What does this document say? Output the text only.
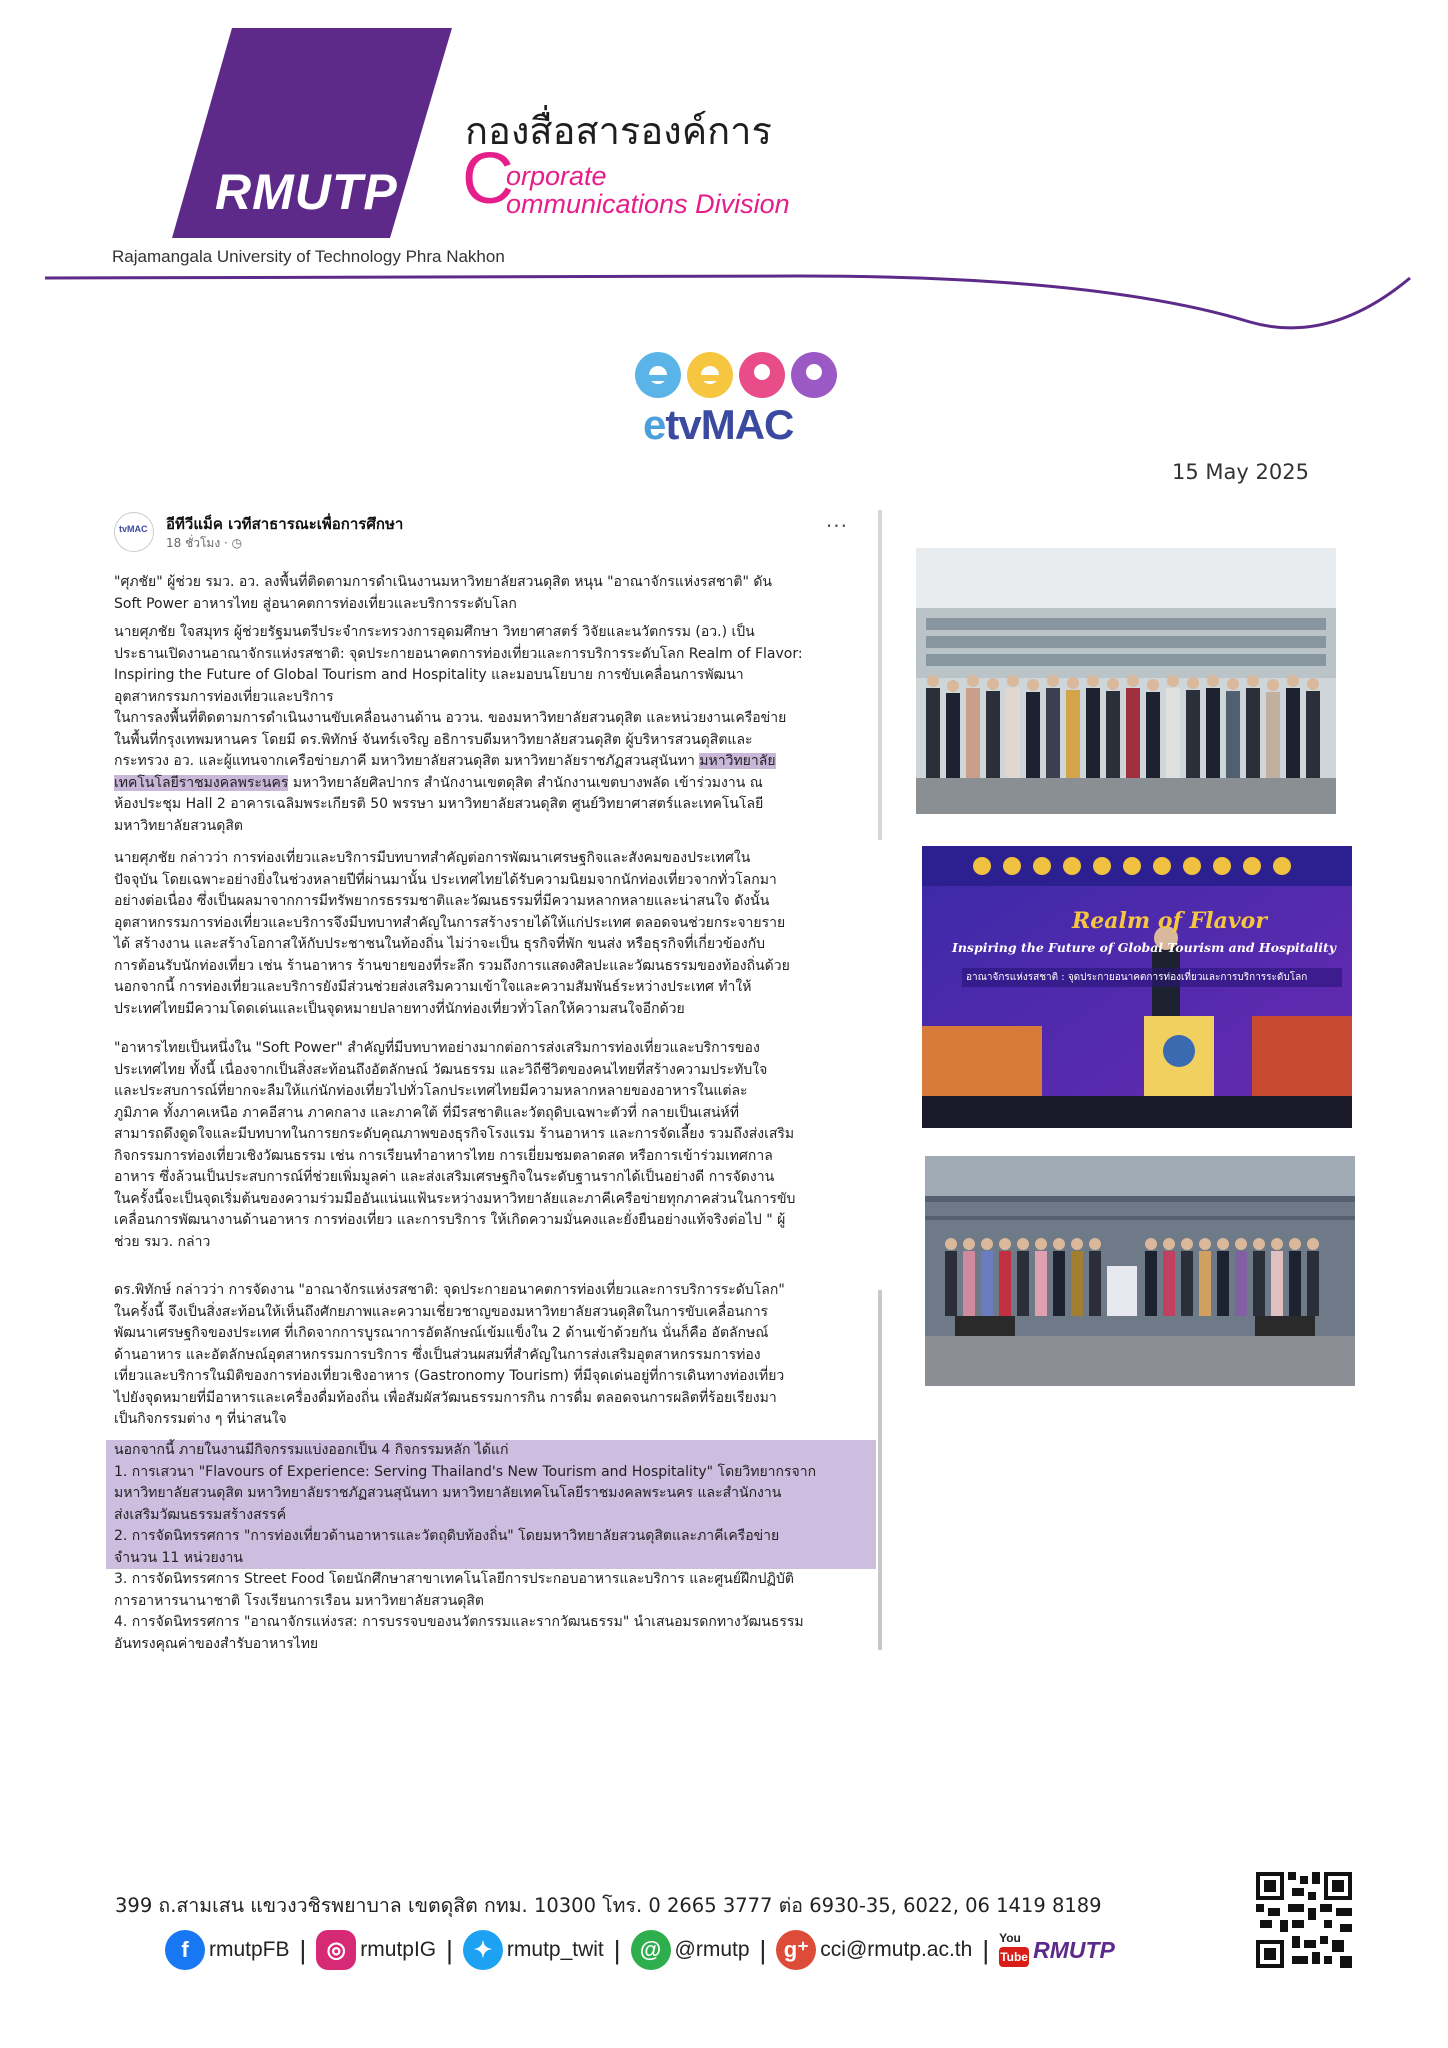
RMUTP
กองสื่อสารองค์การ
C
orporate
ommunications Division
Rajamangala University of Technology Phra Nakhon
etvMAC
15 May 2025
tvMAC อีทีวีแม็ค เวทีสาธารณะเพื่อการศึกษา
18 ชั่วโมง · ◷
···
"ศุภชัย" ผู้ช่วย รมว. อว. ลงพื้นที่ติดตามการดำเนินงานมหาวิทยาลัยสวนดุสิต หนุน "อาณาจักรแห่งรสชาติ" ดัน
Soft Power อาหารไทย สู่อนาคตการท่องเที่ยวและบริการระดับโลก
นายศุภชัย ใจสมุทร ผู้ช่วยรัฐมนตรีประจำกระทรวงการอุดมศึกษา วิทยาศาสตร์ วิจัยและนวัตกรรม (อว.) เป็น
ประธานเปิดงานอาณาจักรแห่งรสชาติ: จุดประกายอนาคตการท่องเที่ยวและการบริการระดับโลก Realm of Flavor:
Inspiring the Future of Global Tourism and Hospitality และมอบนโยบาย การขับเคลื่อนการพัฒนา
อุตสาหกรรมการท่องเที่ยวและบริการ
ในการลงพื้นที่ติดตามการดำเนินงานขับเคลื่อนงานด้าน อววน. ของมหาวิทยาลัยสวนดุสิต และหน่วยงานเครือข่าย
ในพื้นที่กรุงเทพมหานคร โดยมี ดร.พิทักษ์ จันทร์เจริญ อธิการบดีมหาวิทยาลัยสวนดุสิต ผู้บริหารสวนดุสิตและ
กระทรวง อว. และผู้แทนจากเครือข่ายภาคี มหาวิทยาลัยสวนดุสิต มหาวิทยาลัยราชภัฏสวนสุนันทา มหาวิทยาลัย
เทคโนโลยีราชมงคลพระนคร มหาวิทยาลัยศิลปากร สำนักงานเขตดุสิต สำนักงานเขตบางพลัด เข้าร่วมงาน ณ
ห้องประชุม Hall 2 อาคารเฉลิมพระเกียรติ 50 พรรษา มหาวิทยาลัยสวนดุสิต ศูนย์วิทยาศาสตร์และเทคโนโลยี
มหาวิทยาลัยสวนดุสิต
นายศุภชัย กล่าวว่า การท่องเที่ยวและบริการมีบทบาทสำคัญต่อการพัฒนาเศรษฐกิจและสังคมของประเทศใน
ปัจจุบัน โดยเฉพาะอย่างยิ่งในช่วงหลายปีที่ผ่านมานั้น ประเทศไทยได้รับความนิยมจากนักท่องเที่ยวจากทั่วโลกมา
อย่างต่อเนื่อง ซึ่งเป็นผลมาจากการมีทรัพยากรธรรมชาติและวัฒนธรรมที่มีความหลากหลายและน่าสนใจ ดังนั้น
อุตสาหกรรมการท่องเที่ยวและบริการจึงมีบทบาทสำคัญในการสร้างรายได้ให้แก่ประเทศ ตลอดจนช่วยกระจายราย
ได้ สร้างงาน และสร้างโอกาสให้กับประชาชนในท้องถิ่น ไม่ว่าจะเป็น ธุรกิจที่พัก ขนส่ง หรือธุรกิจที่เกี่ยวข้องกับ
การต้อนรับนักท่องเที่ยว เช่น ร้านอาหาร ร้านขายของที่ระลึก รวมถึงการแสดงศิลปะและวัฒนธรรมของท้องถิ่นด้วย
นอกจากนี้ การท่องเที่ยวและบริการยังมีส่วนช่วยส่งเสริมความเข้าใจและความสัมพันธ์ระหว่างประเทศ ทำให้
ประเทศไทยมีความโดดเด่นและเป็นจุดหมายปลายทางที่นักท่องเที่ยวทั่วโลกให้ความสนใจอีกด้วย
"อาหารไทยเป็นหนึ่งใน "Soft Power" สำคัญที่มีบทบาทอย่างมากต่อการส่งเสริมการท่องเที่ยวและบริการของ
ประเทศไทย ทั้งนี้ เนื่องจากเป็นสิ่งสะท้อนถึงอัตลักษณ์ วัฒนธรรม และวิถีชีวิตของคนไทยที่สร้างความประทับใจ
และประสบการณ์ที่ยากจะลืมให้แก่นักท่องเที่ยวไปทั่วโลกประเทศไทยมีความหลากหลายของอาหารในแต่ละ
ภูมิภาค ทั้งภาคเหนือ ภาคอีสาน ภาคกลาง และภาคใต้ ที่มีรสชาติและวัตถุดิบเฉพาะตัวที่ กลายเป็นเสน่ห์ที่
สามารถดึงดูดใจและมีบทบาทในการยกระดับคุณภาพของธุรกิจโรงแรม ร้านอาหาร และการจัดเลี้ยง รวมถึงส่งเสริม
กิจกรรมการท่องเที่ยวเชิงวัฒนธรรม เช่น การเรียนทำอาหารไทย การเยี่ยมชมตลาดสด หรือการเข้าร่วมเทศกาล
อาหาร ซึ่งล้วนเป็นประสบการณ์ที่ช่วยเพิ่มมูลค่า และส่งเสริมเศรษฐกิจในระดับฐานรากได้เป็นอย่างดี การจัดงาน
ในครั้งนี้จะเป็นจุดเริ่มต้นของความร่วมมืออันแน่นแฟ้นระหว่างมหาวิทยาลัยและภาคีเครือข่ายทุกภาคส่วนในการขับ
เคลื่อนการพัฒนางานด้านอาหาร การท่องเที่ยว และการบริการ ให้เกิดความมั่นคงและยั่งยืนอย่างแท้จริงต่อไป " ผู้
ช่วย รมว. กล่าว
ดร.พิทักษ์ กล่าวว่า การจัดงาน "อาณาจักรแห่งรสชาติ: จุดประกายอนาคตการท่องเที่ยวและการบริการระดับโลก"
ในครั้งนี้ จึงเป็นสิ่งสะท้อนให้เห็นถึงศักยภาพและความเชี่ยวชาญของมหาวิทยาลัยสวนดุสิตในการขับเคลื่อนการ
พัฒนาเศรษฐกิจของประเทศ ที่เกิดจากการบูรณาการอัตลักษณ์เข้มแข็งใน 2 ด้านเข้าด้วยกัน นั่นก็คือ อัตลักษณ์
ด้านอาหาร และอัตลักษณ์อุตสาหกรรมการบริการ ซึ่งเป็นส่วนผสมที่สำคัญในการส่งเสริมอุตสาหกรรมการท่อง
เที่ยวและบริการในมิติของการท่องเที่ยวเชิงอาหาร (Gastronomy Tourism) ที่มีจุดเด่นอยู่ที่การเดินทางท่องเที่ยว
ไปยังจุดหมายที่มีอาหารและเครื่องดื่มท้องถิ่น เพื่อสัมผัสวัฒนธรรมการกิน การดื่ม ตลอดจนการผลิตที่ร้อยเรียงมา
เป็นกิจกรรมต่าง ๆ ที่น่าสนใจ
นอกจากนี้ ภายในงานมีกิจกรรมแบ่งออกเป็น 4 กิจกรรมหลัก ได้แก่
1. การเสวนา "Flavours of Experience: Serving Thailand's New Tourism and Hospitality" โดยวิทยากรจาก
มหาวิทยาลัยสวนดุสิต มหาวิทยาลัยราชภัฏสวนสุนันทา มหาวิทยาลัยเทคโนโลยีราชมงคลพระนคร และสำนักงาน
ส่งเสริมวัฒนธรรมสร้างสรรค์
2. การจัดนิทรรศการ "การท่องเที่ยวด้านอาหารและวัตถุดิบท้องถิ่น" โดยมหาวิทยาลัยสวนดุสิตและภาคีเครือข่าย
จำนวน 11 หน่วยงาน
3. การจัดนิทรรศการ Street Food โดยนักศึกษาสาขาเทคโนโลยีการประกอบอาหารและบริการ และศูนย์ฝึกปฏิบัติ
การอาหารนานาชาติ โรงเรียนการเรือน มหาวิทยาลัยสวนดุสิต
4. การจัดนิทรรศการ "อาณาจักรแห่งรส: การบรรจบของนวัตกรรมและรากวัฒนธรรม" นำเสนอมรดกทางวัฒนธรรม
อันทรงคุณค่าของสำรับอาหารไทย
Realm of Flavor
Inspiring the Future of Global Tourism and Hospitality
อาณาจักรแห่งรสชาติ : จุดประกายอนาคตการท่องเที่ยวและการบริการระดับโลก
399 ถ.สามเสน แขวงวชิรพยาบาล เขตดุสิต กทม. 10300 โทร. 0 2665 3777 ต่อ 6930-35, 6022, 06 1419 8189
f rmutpFB | ◎ rmutpIG | ✦ rmutp_twit | @ @rmutp | g⁺ cci@rmutp.ac.th | You
Tube RMUTP
